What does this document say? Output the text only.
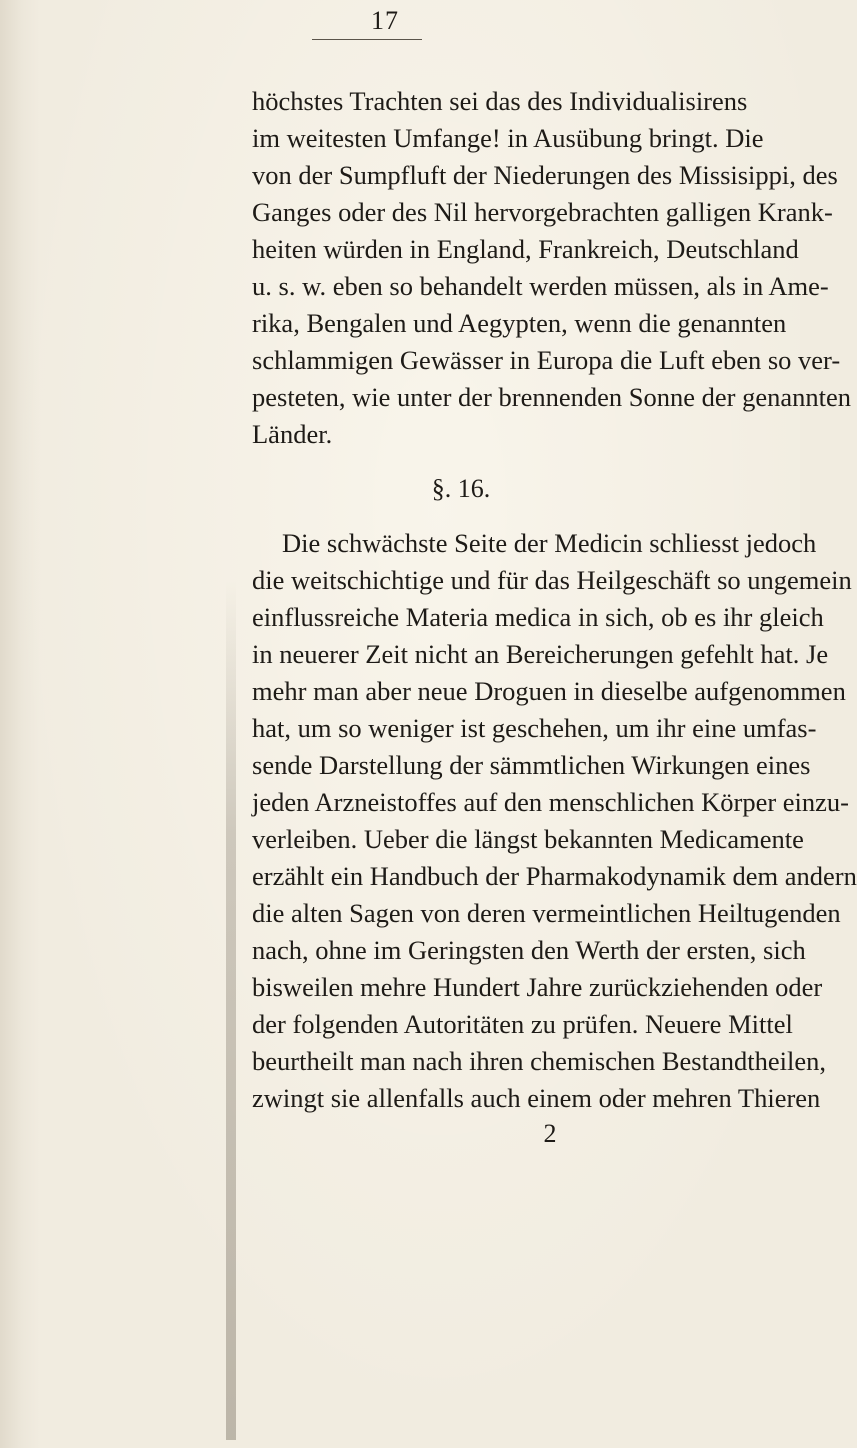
17
höchstes Trachten sei das des Individualisirens
im weitesten Umfange! in Ausübung bringt. Die
von der Sumpfluft der Niederungen des Missisippi, des
Ganges oder des Nil hervorgebrachten galligen Krank-
heiten würden in England, Frankreich, Deutschland
u. s. w. eben so behandelt werden müssen, als in Ame-
rika, Bengalen und Aegypten, wenn die genannten
schlammigen Gewässer in Europa die Luft eben so ver-
pesteten, wie unter der brennenden Sonne der genannten
Länder.
§. 16.
Die schwächste Seite der Medicin schliesst jedoch
die weitschichtige und für das Heilgeschäft so ungemein
einflussreiche Materia medica in sich, ob es ihr gleich
in neuerer Zeit nicht an Bereicherungen gefehlt hat. Je
mehr man aber neue Droguen in dieselbe aufgenommen
hat, um so weniger ist geschehen, um ihr eine umfas-
sende Darstellung der sämmtlichen Wirkungen eines
jeden Arzneistoffes auf den menschlichen Körper einzu-
verleiben. Ueber die längst bekannten Medicamente
erzählt ein Handbuch der Pharmakodynamik dem andern
die alten Sagen von deren vermeintlichen Heiltugenden
nach, ohne im Geringsten den Werth der ersten, sich
bisweilen mehre Hundert Jahre zurückziehenden oder
der folgenden Autoritäten zu prüfen. Neuere Mittel
beurtheilt man nach ihren chemischen Bestandtheilen,
zwingt sie allenfalls auch einem oder mehren Thieren
2
